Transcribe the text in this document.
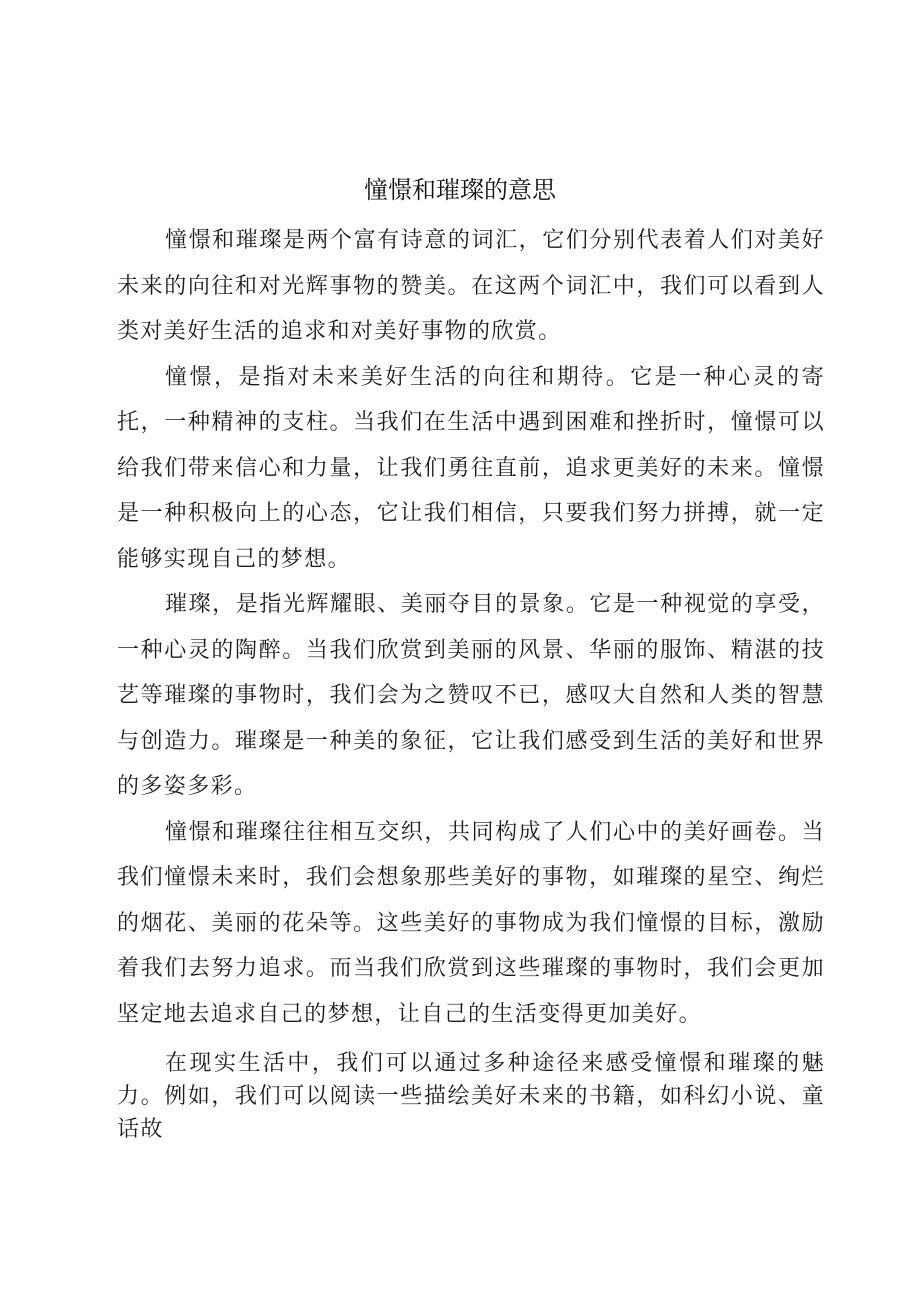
憧憬和璀璨的意思

憧憬和璀璨是两个富有诗意的词汇，它们分别代表着人们对美好未来的向往和对光辉事物的赞美。在这两个词汇中，我们可以看到人类对美好生活的追求和对美好事物的欣赏。

憧憬，是指对未来美好生活的向往和期待。它是一种心灵的寄托，一种精神的支柱。当我们在生活中遇到困难和挫折时，憧憬可以给我们带来信心和力量，让我们勇往直前，追求更美好的未来。憧憬是一种积极向上的心态，它让我们相信，只要我们努力拼搏，就一定能够实现自己的梦想。

璀璨，是指光辉耀眼、美丽夺目的景象。它是一种视觉的享受，一种心灵的陶醉。当我们欣赏到美丽的风景、华丽的服饰、精湛的技艺等璀璨的事物时，我们会为之赞叹不已，感叹大自然和人类的智慧与创造力。璀璨是一种美的象征，它让我们感受到生活的美好和世界的多姿多彩。

憧憬和璀璨往往相互交织，共同构成了人们心中的美好画卷。当我们憧憬未来时，我们会想象那些美好的事物，如璀璨的星空、绚烂的烟花、美丽的花朵等。这些美好的事物成为我们憧憬的目标，激励着我们去努力追求。而当我们欣赏到这些璀璨的事物时，我们会更加坚定地去追求自己的梦想，让自己的生活变得更加美好。

在现实生活中，我们可以通过多种途径来感受憧憬和璀璨的魅力。例如，我们可以阅读一些描绘美好未来的书籍，如科幻小说、童话故
